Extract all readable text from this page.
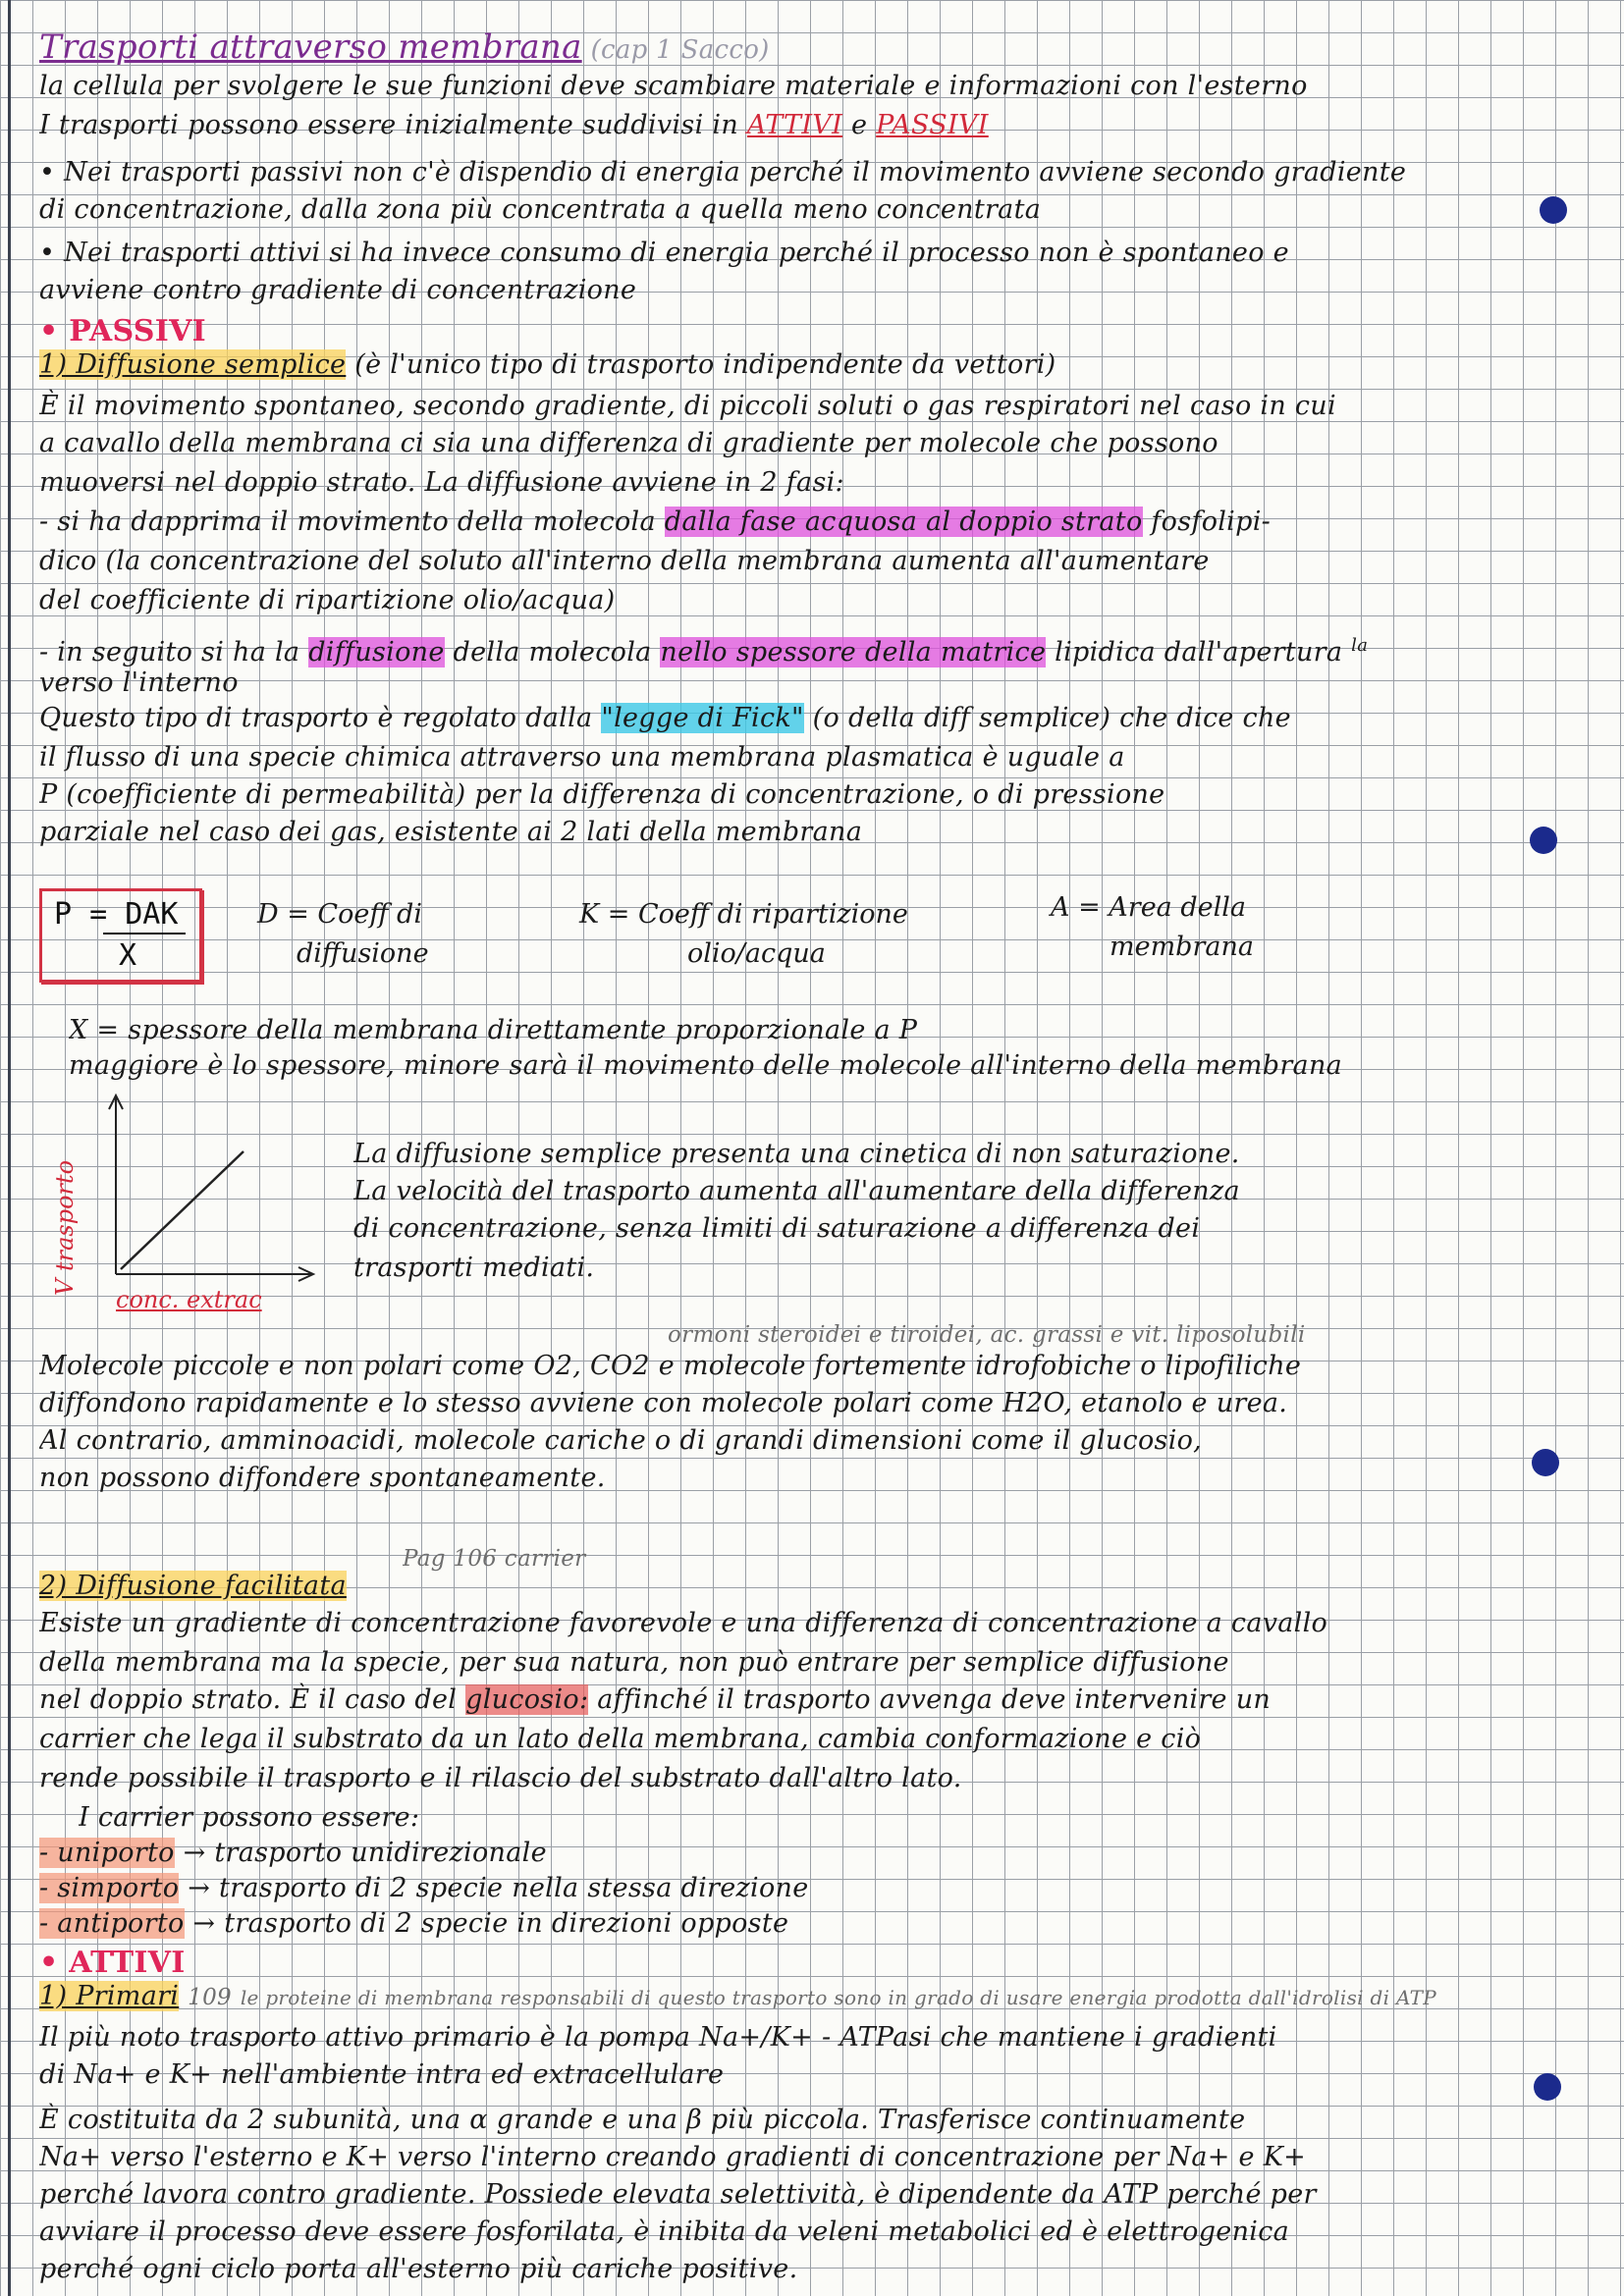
Trasporti attraverso membrana (cap 1 Sacco)
la cellula per svolgere le sue funzioni deve scambiare materiale e informazioni con l'esterno
I trasporti possono essere inizialmente suddivisi in ATTIVI e PASSIVI
• Nei trasporti passivi non c'è dispendio di energia perché il movimento avviene secondo gradiente
di concentrazione, dalla zona più concentrata a quella meno concentrata
• Nei trasporti attivi si ha invece consumo di energia perché il processo non è spontaneo e
avviene contro gradiente di concentrazione
• PASSIVI
1) Diffusione semplice (è l'unico tipo di trasporto indipendente da vettori)
È il movimento spontaneo, secondo gradiente, di piccoli soluti o gas respiratori nel caso in cui
a cavallo della membrana ci sia una differenza di gradiente per molecole che possono
muoversi nel doppio strato. La diffusione avviene in 2 fasi:
- si ha dapprima il movimento della molecola dalla fase acquosa al doppio strato fosfolipi-
dico (la concentrazione del soluto all'interno della membrana aumenta all'aumentare
del coefficiente di ripartizione olio/acqua)
- in seguito si ha la diffusione della molecola nello spessore della matrice lipidica dall'apertura $^{la}$
verso l'interno
Questo tipo di trasporto è regolato dalla "legge di Fick" (o della diff semplice) che dice che
il flusso di una specie chimica attraverso una membrana plasmatica è uguale a
P (coefficiente di permeabilità) per la differenza di concentrazione, o di pressione
parziale nel caso dei gas, esistente ai 2 lati della membrana
P = DAK
X
D = Coeff di
diffusione
K = Coeff di ripartizione
olio/acqua
A = Area della
membrana
X = spessore della membrana direttamente proporzionale a P
maggiore è lo spessore, minore sarà il movimento delle molecole all'interno della membrana
V trasporto
conc. extrac
La diffusione semplice presenta una cinetica di non saturazione.
La velocità del trasporto aumenta all'aumentare della differenza
di concentrazione, senza limiti di saturazione a differenza dei
trasporti mediati.
ormoni steroidei e tiroidei, ac. grassi e vit. liposolubili
Molecole piccole e non polari come O2, CO2 e molecole fortemente idrofobiche o lipofiliche
diffondono rapidamente e lo stesso avviene con molecole polari come H2O, etanolo e urea.
Al contrario, amminoacidi, molecole cariche o di grandi dimensioni come il glucosio,
non possono diffondere spontaneamente.
Pag 106 carrier
2) Diffusione facilitata
Esiste un gradiente di concentrazione favorevole e una differenza di concentrazione a cavallo
della membrana ma la specie, per sua natura, non può entrare per semplice diffusione
nel doppio strato. È il caso del glucosio: affinché il trasporto avvenga deve intervenire un
carrier che lega il substrato da un lato della membrana, cambia conformazione e ciò
rende possibile il trasporto e il rilascio del substrato dall'altro lato.
I carrier possono essere:
- uniporto → trasporto unidirezionale
- simporto → trasporto di 2 specie nella stessa direzione
- antiporto → trasporto di 2 specie in direzioni opposte
• ATTIVI
1) Primari 109 le proteine di membrana responsabili di questo trasporto sono in grado di usare energia prodotta dall'idrolisi di ATP
Il più noto trasporto attivo primario è la pompa Na+/K+ - ATPasi che mantiene i gradienti
di Na+ e K+ nell'ambiente intra ed extracellulare
È costituita da 2 subunità, una α grande e una β più piccola. Trasferisce continuamente
Na+ verso l'esterno e K+ verso l'interno creando gradienti di concentrazione per Na+ e K+
perché lavora contro gradiente. Possiede elevata selettività, è dipendente da ATP perché per
avviare il processo deve essere fosforilata, è inibita da veleni metabolici ed è elettrogenica
perché ogni ciclo porta all'esterno più cariche positive.
